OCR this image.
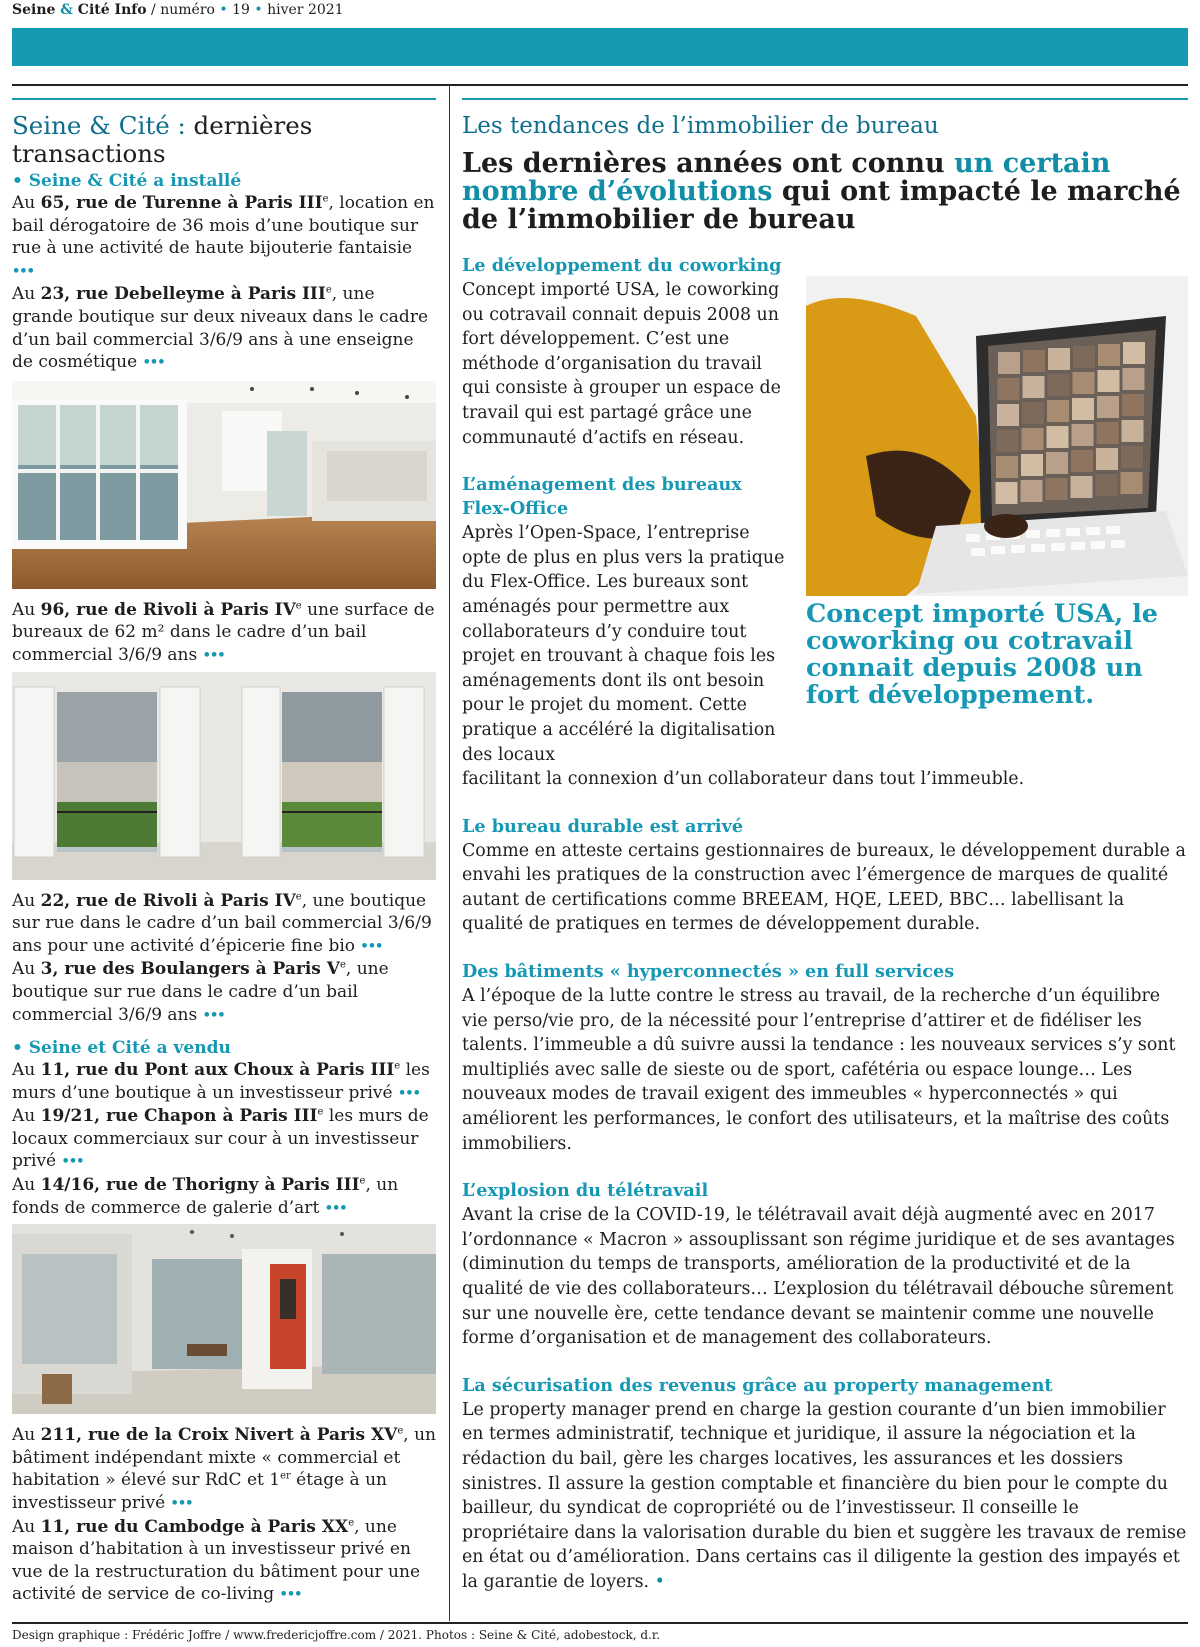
Seine & Cité Info / numéro • 19 • hiver 2021
Seine & Cité : dernières transactions
• Seine & Cité a installé

Au 65, rue de Turenne à Paris IIIe, location en bail dérogatoire de 36 mois d’une boutique sur rue à une activité de haute bijouterie fantaisie •••

Au 23, rue Debelleyme à Paris IIIe, une grande boutique sur deux niveaux dans le cadre d’un bail commercial 3/6/9 ans à une enseigne de cosmétique •••

Au 96, rue de Rivoli à Paris IVe une surface de bureaux de 62 m² dans le cadre d’un bail commercial 3/6/9 ans •••

Au 22, rue de Rivoli à Paris IVe, une boutique sur rue dans le cadre d’un bail commercial 3/6/9 ans pour une activité d’épicerie fine bio •••

Au 3, rue des Boulangers à Paris Ve, une boutique sur rue dans le cadre d’un bail commercial 3/6/9 ans •••

• Seine et Cité a vendu

Au 11, rue du Pont aux Choux à Paris IIIe les murs d’une boutique à un investisseur privé •••

Au 19/21, rue Chapon à Paris IIIe les murs de locaux commerciaux sur cour à un investisseur privé •••

Au 14/16, rue de Thorigny à Paris IIIe, un fonds de commerce de galerie d’art •••

Au 211, rue de la Croix Nivert à Paris XVe, un bâtiment indépendant mixte « commercial et habitation » élevé sur RdC et 1er étage à un investisseur privé •••

Au 11, rue du Cambodge à Paris XXe, une maison d’habitation à un investisseur privé en vue de la restructuration du bâtiment pour une activité de service de co-living •••

Les tendances de l’immobilier de bureau
Les dernières années ont connu un certain nombre d’évolutions qui ont impacté le marché de l’immobilier de bureau
Le développement du coworking

Concept importé USA, le coworking ou cotravail connait depuis 2008 un fort développement. C’est une méthode d’organisation du travail qui consiste à grouper un espace de travail qui est partagé grâce une communauté d’actifs en réseau.

L’aménagement des bureaux
Flex-Office

Après l’Open-Space, l’entreprise opte de plus en plus vers la pratique du Flex-Office. Les bureaux sont aménagés pour permettre aux collaborateurs d’y conduire tout projet en trouvant à chaque fois les aménagements dont ils ont besoin pour le projet du moment. Cette pratique a accéléré la digitalisation des locaux

facilitant la connexion d’un collaborateur dans tout l’immeuble.

Le bureau durable est arrivé

Comme en atteste certains gestionnaires de bureaux, le développement durable a envahi les pratiques de la construction avec l’émergence de marques de qualité autant de certifications comme BREEAM, HQE, LEED, BBC… labellisant la qualité de pratiques en termes de développement durable.

Des bâtiments « hyperconnectés » en full services

A l’époque de la lutte contre le stress au travail, de la recherche d’un équilibre vie perso/vie pro, de la nécessité pour l’entreprise d’attirer et de fidéliser les talents. l’immeuble a dû suivre aussi la tendance : les nouveaux services s’y sont multipliés avec salle de sieste ou de sport, cafétéria ou espace lounge… Les nouveaux modes de travail exigent des immeubles « hyperconnectés » qui améliorent les performances, le confort des utilisateurs, et la maîtrise des coûts immobiliers.

L’explosion du télétravail

Avant la crise de la COVID-19, le télétravail avait déjà augmenté avec en 2017 l’ordonnance « Macron » assouplissant son régime juridique et de ses avantages (diminution du temps de transports, amélioration de la productivité et de la qualité de vie des collaborateurs… L’explosion du télétravail débouche sûrement sur une nouvelle ère, cette tendance devant se maintenir comme une nouvelle forme d’organisation et de management des collaborateurs.

La sécurisation des revenus grâce au property management

Le property manager prend en charge la gestion courante d’un bien immobilier en termes administratif, technique et juridique, il assure la négociation et la rédaction du bail, gère les charges locatives, les assurances et les dossiers sinistres. Il assure la gestion comptable et financière du bien pour le compte du bailleur, du syndicat de copropriété ou de l’investisseur. Il conseille le propriétaire dans la valorisation durable du bien et suggère les travaux de remise en état ou d’amélioration. Dans certains cas il diligente la gestion des impayés et la garantie de loyers. •

Concept importé USA, le coworking ou cotravail connait depuis 2008 un fort développement.
Design graphique : Frédéric Joffre / www.fredericjoffre.com / 2021. Photos : Seine & Cité, adobestock, d.r.
